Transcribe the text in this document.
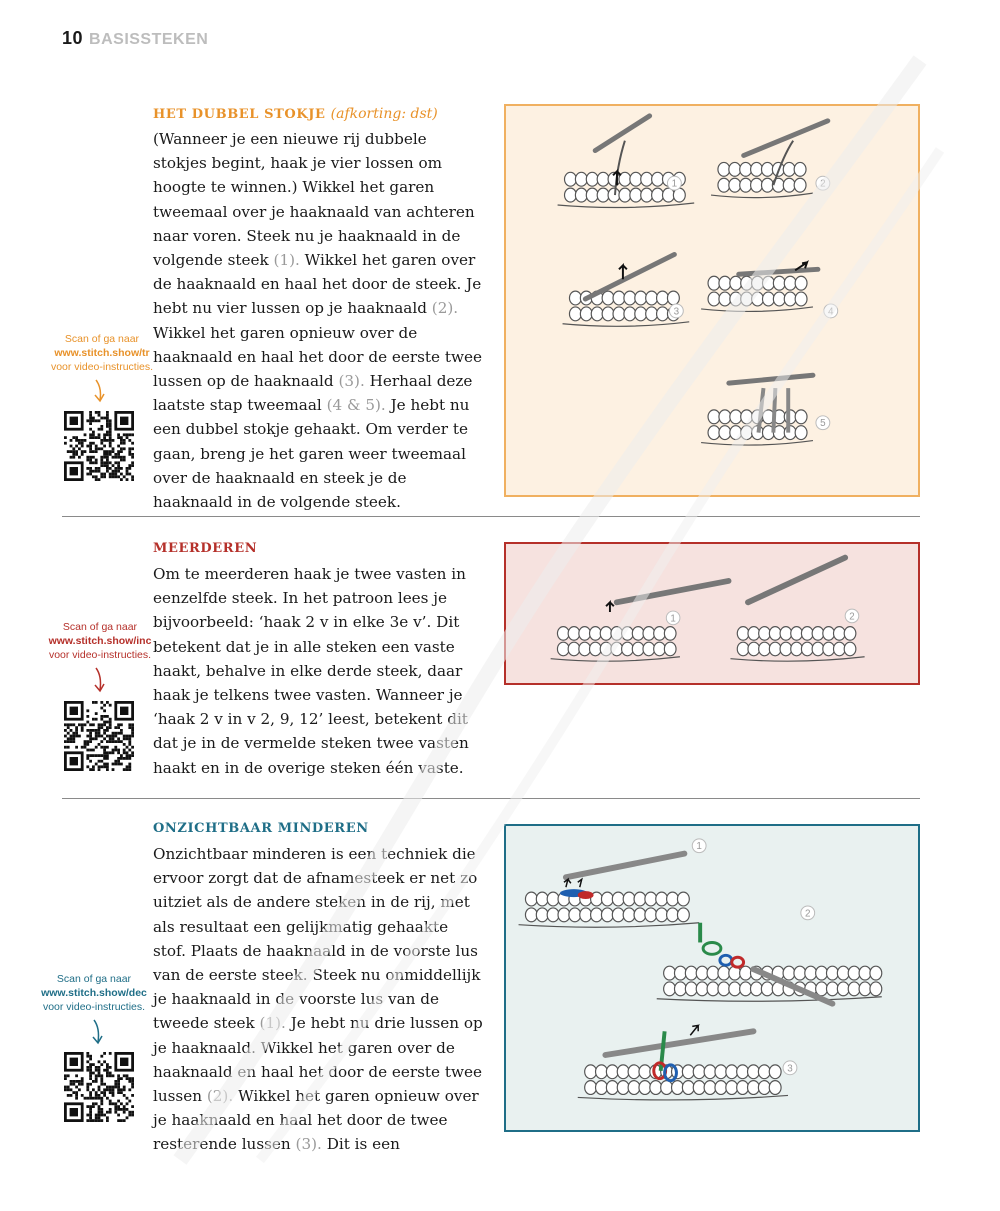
10 BASISSTEKEN
HET DUBBEL STOKJE (afkorting: dst)
(Wanneer je een nieuwe rij dubbele stokjes begint, haak je vier lossen om hoogte te winnen.) Wikkel het garen tweemaal over je haaknaald van achteren naar voren. Steek nu je haaknaald in de volgende steek (1). Wikkel het garen over de haaknaald en haal het door de steek. Je hebt nu vier lussen op je haaknaald (2). Wikkel het garen opnieuw over de haaknaald en haal het door de eerste twee lussen op de haaknaald (3). Herhaal deze laatste stap tweemaal (4 & 5). Je hebt nu een dubbel stokje gehaakt. Om verder te gaan, breng je het garen weer tweemaal over de haaknaald en steek je de haaknaald in de volgende steek.
Scan of ga naar
www.stitch.show/tr
voor video-instructies.
1	2
3	4
5
MEERDEREN
Om te meerderen haak je twee vasten in eenzelfde steek. In het patroon lees je bijvoorbeeld: ‘haak 2 v in elke 3e v’. Dit betekent dat je in alle steken een vaste haakt, behalve in elke derde steek, daar haak je telkens twee vasten. Wanneer je ‘haak 2 v in v 2, 9, 12’ leest, betekent dit dat je in de vermelde steken twee vasten haakt en in de overige steken één vaste.
Scan of ga naar
www.stitch.show/inc
voor video-instructies.
1	2
ONZICHTBAAR MINDEREN
Onzichtbaar minderen is een techniek die ervoor zorgt dat de afnamesteek er net zo uitziet als de andere steken in de rij, met als resultaat een gelijkmatig gehaakte stof. Plaats de haaknaald in de voorste lus van de eerste steek. Steek nu onmiddellijk je haaknaald in de voorste lus van de tweede steek (1). Je hebt nu drie lussen op je haaknaald. Wikkel het garen over de haaknaald en haal het door de eerste twee lussen (2). Wikkel het garen opnieuw over je haaknaald en haal het door de twee resterende lussen (3). Dit is een
Scan of ga naar
www.stitch.show/dec
voor video-instructies.
1
2
3
